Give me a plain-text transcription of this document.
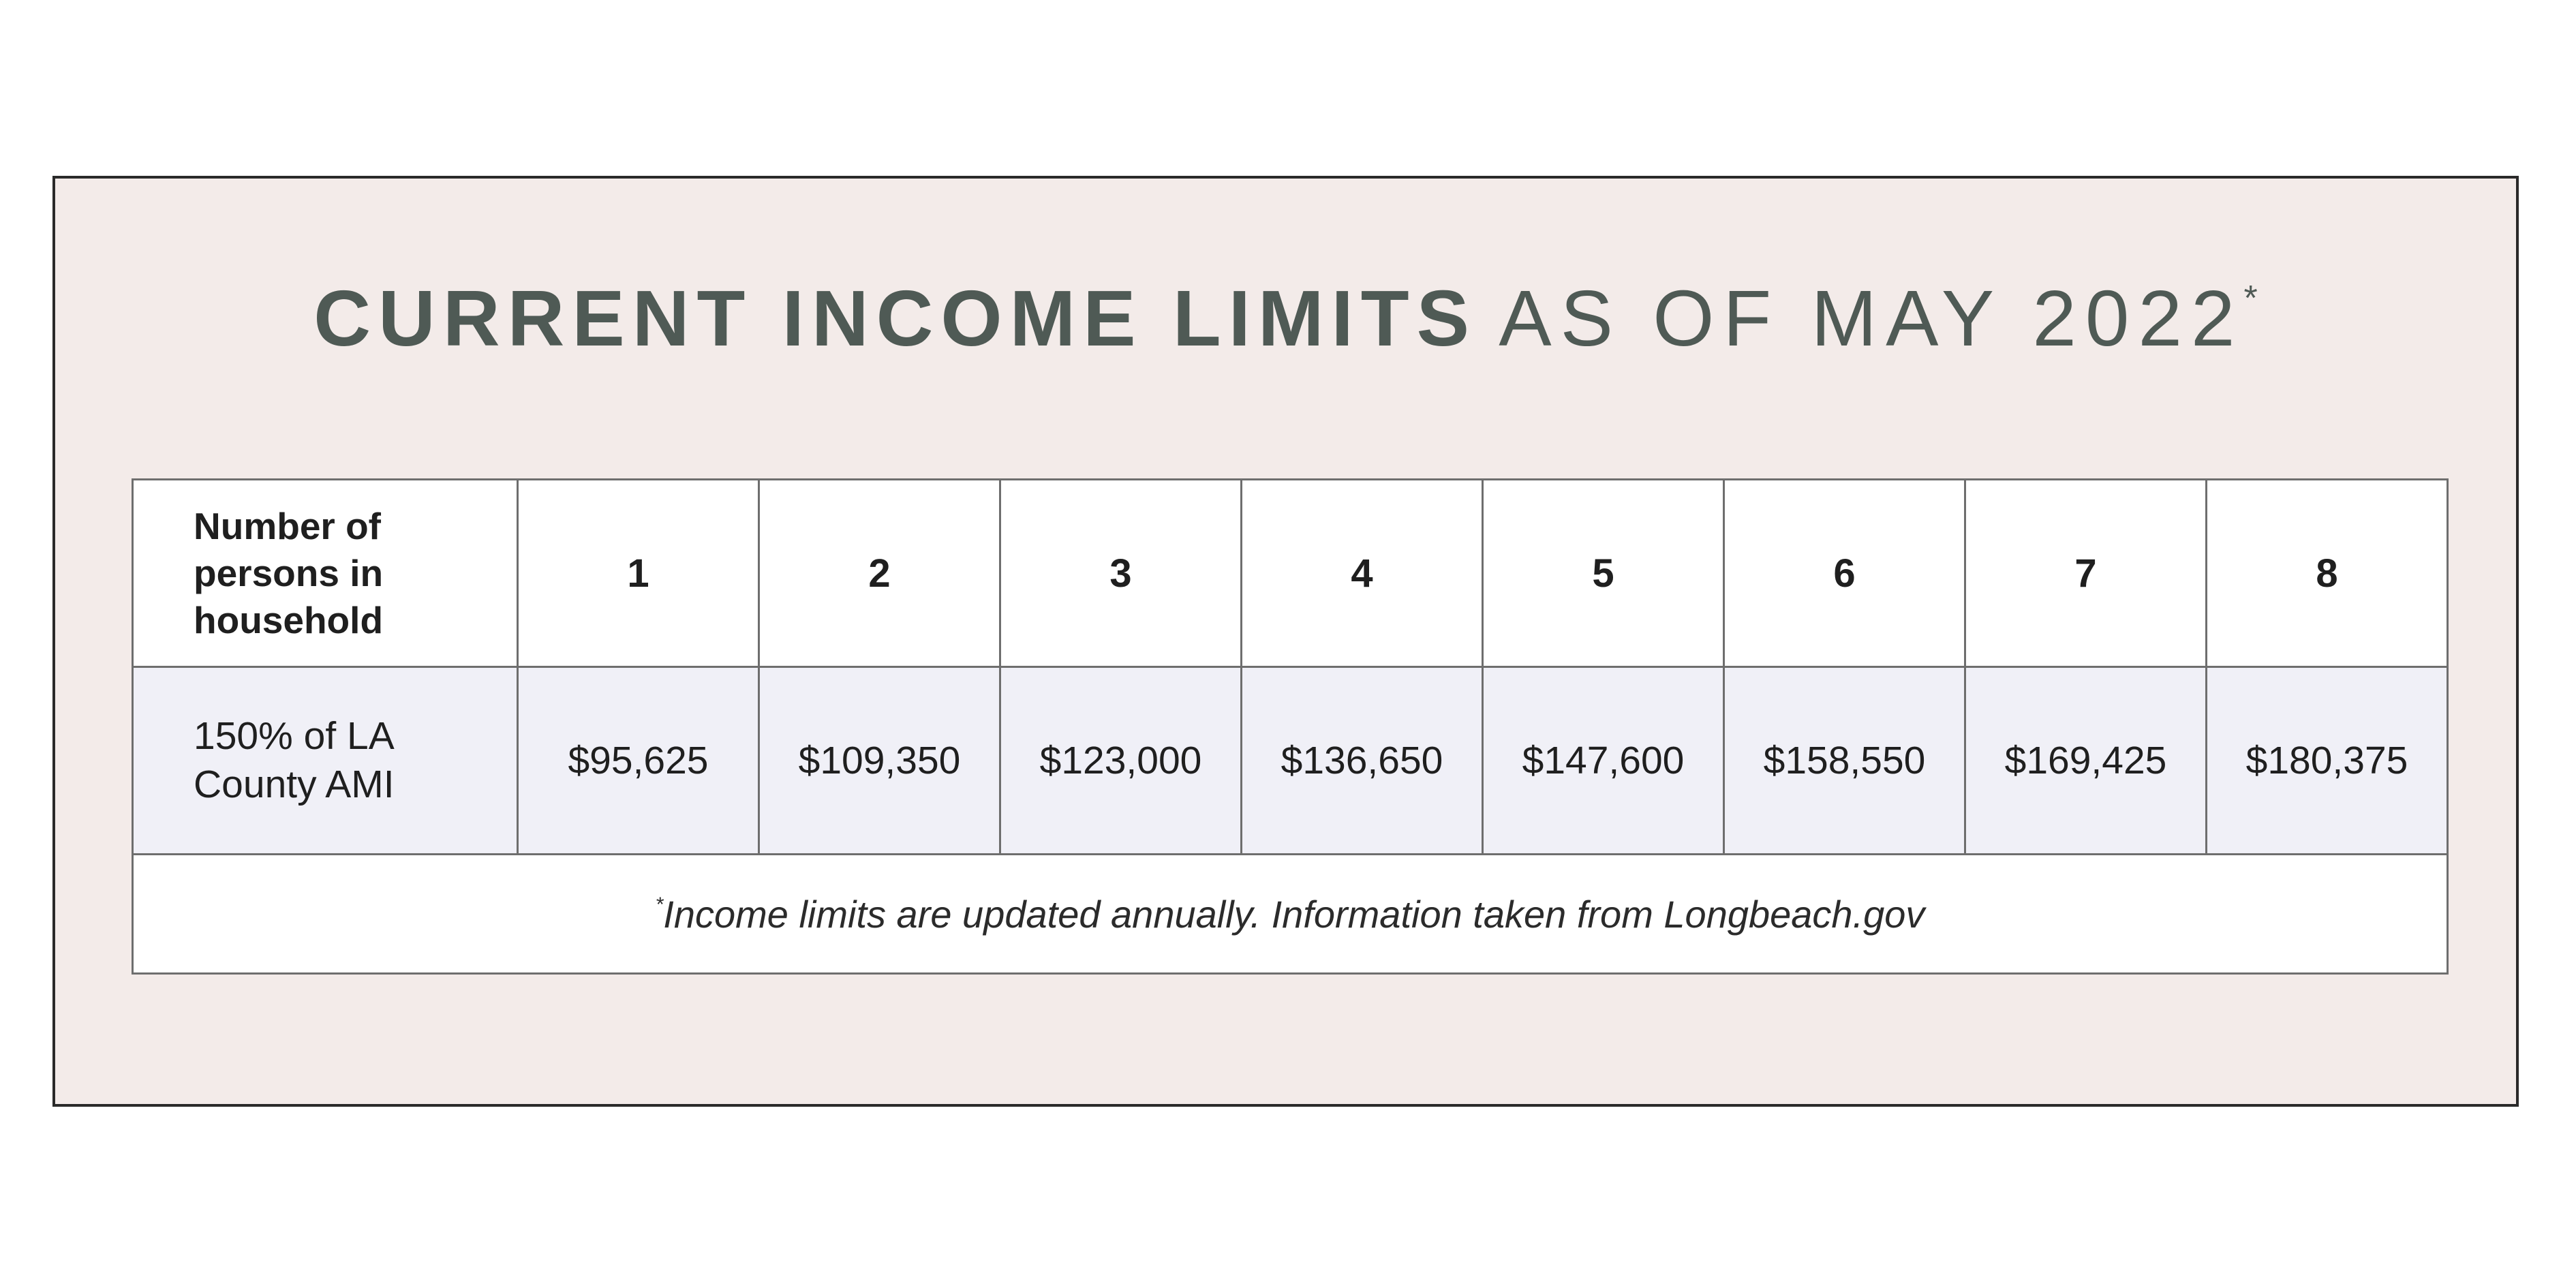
CURRENT INCOME LIMITS AS OF MAY 2022*
Number of
persons in
household	1	2	3	4	5	6	7	8

150% of LA
County AMI	$95,625	$109,350	$123,000	$136,650	$147,600	$158,550	$169,425	$180,375
*Income limits are updated annually. Information taken from Longbeach.gov								
